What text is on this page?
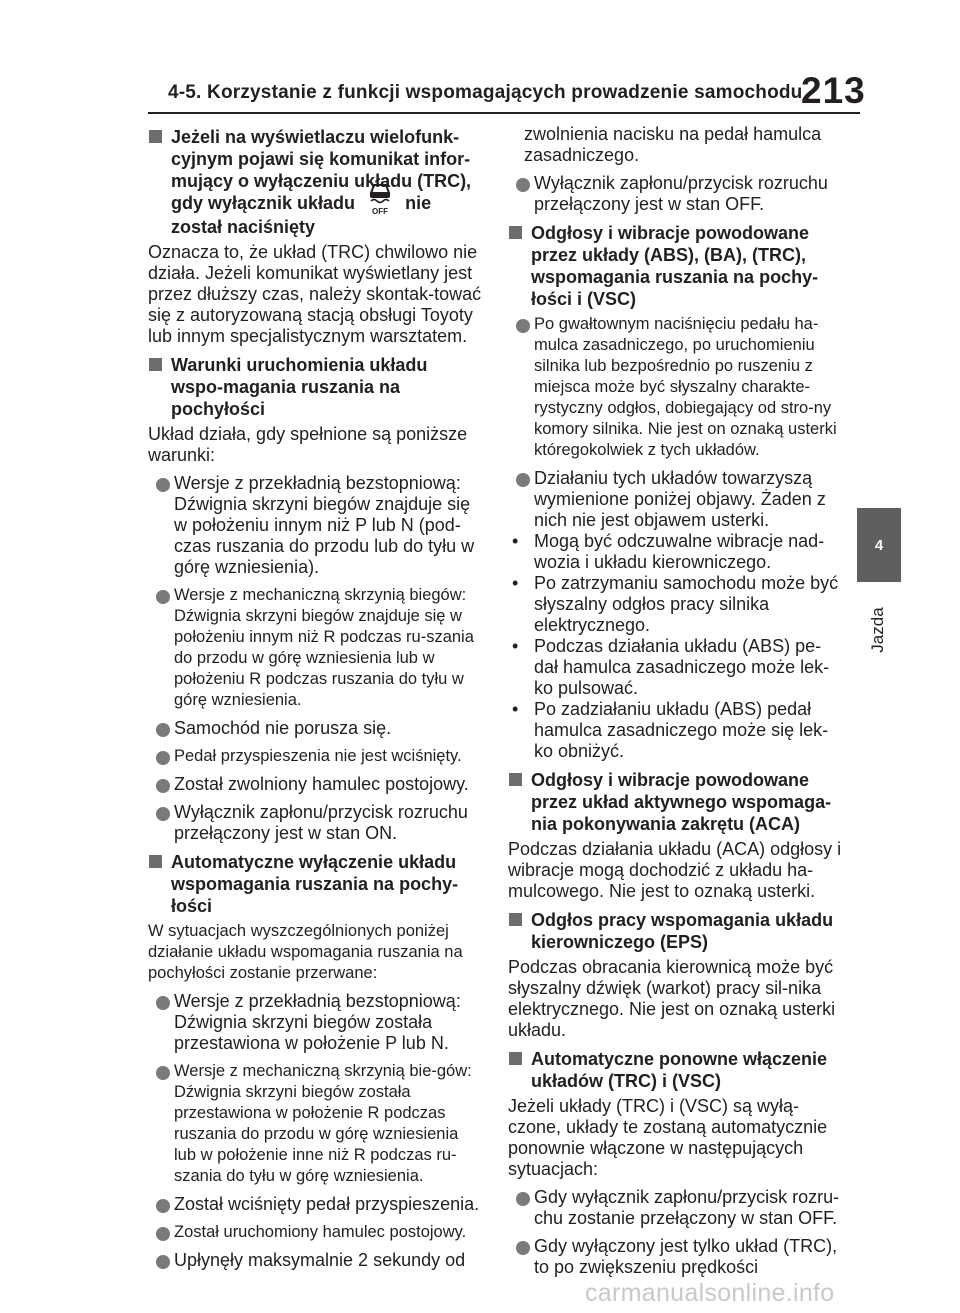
4-5. Korzystanie z funkcji wspomagających prowadzenie samochodu
213
4
Jazda
Jeżeli na wyświetlaczu wielofunk-cyjnym pojawi się komunikat infor-mujący o wyłączeniu układu (TRC),
gdy wyłącznik układu OFF nie został naciśnięty
Oznacza to, że układ (TRC) chwilowo nie działa. Jeżeli komunikat wyświetlany jest przez dłuższy czas, należy skontak-tować się z autoryzowaną stacją obsługi Toyoty lub innym specjalistycznym warsztatem.
Warunki uruchomienia układu wspo-magania ruszania na pochyłości
Układ działa, gdy spełnione są poniższe warunki:
Wersje z przekładnią bezstopniową: Dźwignia skrzyni biegów znajduje się w położeniu innym niż P lub N (pod-czas ruszania do przodu lub do tyłu w górę wzniesienia).
Wersje z mechaniczną skrzynią biegów: Dźwignia skrzyni biegów znajduje się w położeniu innym niż R podczas ru-szania do przodu w górę wzniesienia lub w położeniu R podczas ruszania do tyłu w górę wzniesienia.
Samochód nie porusza się.
Pedał przyspieszenia nie jest wciśnięty.
Został zwolniony hamulec postojowy.
Wyłącznik zapłonu/przycisk rozruchu przełączony jest w stan ON.
Automatyczne wyłączenie układu wspomagania ruszania na pochy-łości
W sytuacjach wyszczególnionych poniżej działanie układu wspomagania ruszania na pochyłości zostanie przerwane:
Wersje z przekładnią bezstopniową: Dźwignia skrzyni biegów została przestawiona w położenie P lub N.
Wersje z mechaniczną skrzynią bie-gów: Dźwignia skrzyni biegów została przestawiona w położenie R podczas ruszania do przodu w górę wzniesienia lub w położenie inne niż R podczas ru-szania do tyłu w górę wzniesienia.
Został wciśnięty pedał przyspieszenia.
Został uruchomiony hamulec postojowy.
Upłynęły maksymalnie 2 sekundy od
zwolnienia nacisku na pedał hamulca zasadniczego.
Wyłącznik zapłonu/przycisk rozruchu przełączony jest w stan OFF.
Odgłosy i wibracje powodowane przez układy (ABS), (BA), (TRC), wspomagania ruszania na pochy-łości i (VSC)
Po gwałtownym naciśnięciu pedału ha-mulca zasadniczego, po uruchomieniu silnika lub bezpośrednio po ruszeniu z miejsca może być słyszalny charakte-rystyczny odgłos, dobiegający od stro-ny komory silnika. Nie jest on oznaką usterki któregokolwiek z tych układów.
Działaniu tych układów towarzyszą wymienione poniżej objawy. Żaden z nich nie jest objawem usterki.
• Mogą być odczuwalne wibracje nad-wozia i układu kierowniczego.
• Po zatrzymaniu samochodu może być słyszalny odgłos pracy silnika elektrycznego.
• Podczas działania układu (ABS) pe-dał hamulca zasadniczego może lek-ko pulsować.
• Po zadziałaniu układu (ABS) pedał hamulca zasadniczego może się lek-ko obniżyć.
Odgłosy i wibracje powodowane przez układ aktywnego wspomaga-nia pokonywania zakrętu (ACA)
Podczas działania układu (ACA) odgłosy i wibracje mogą dochodzić z układu ha-mulcowego. Nie jest to oznaką usterki.
Odgłos pracy wspomagania układu kierowniczego (EPS)
Podczas obracania kierownicą może być słyszalny dźwięk (warkot) pracy sil-nika elektrycznego. Nie jest on oznaką usterki układu.
Automatyczne ponowne włączenie układów (TRC) i (VSC)
Jeżeli układy (TRC) i (VSC) są wyłą-czone, układy te zostaną automatycznie ponownie włączone w następujących sytuacjach:
Gdy wyłącznik zapłonu/przycisk rozru-chu zostanie przełączony w stan OFF.
Gdy wyłączony jest tylko układ (TRC), to po zwiększeniu prędkości
carmanualsonline.info
